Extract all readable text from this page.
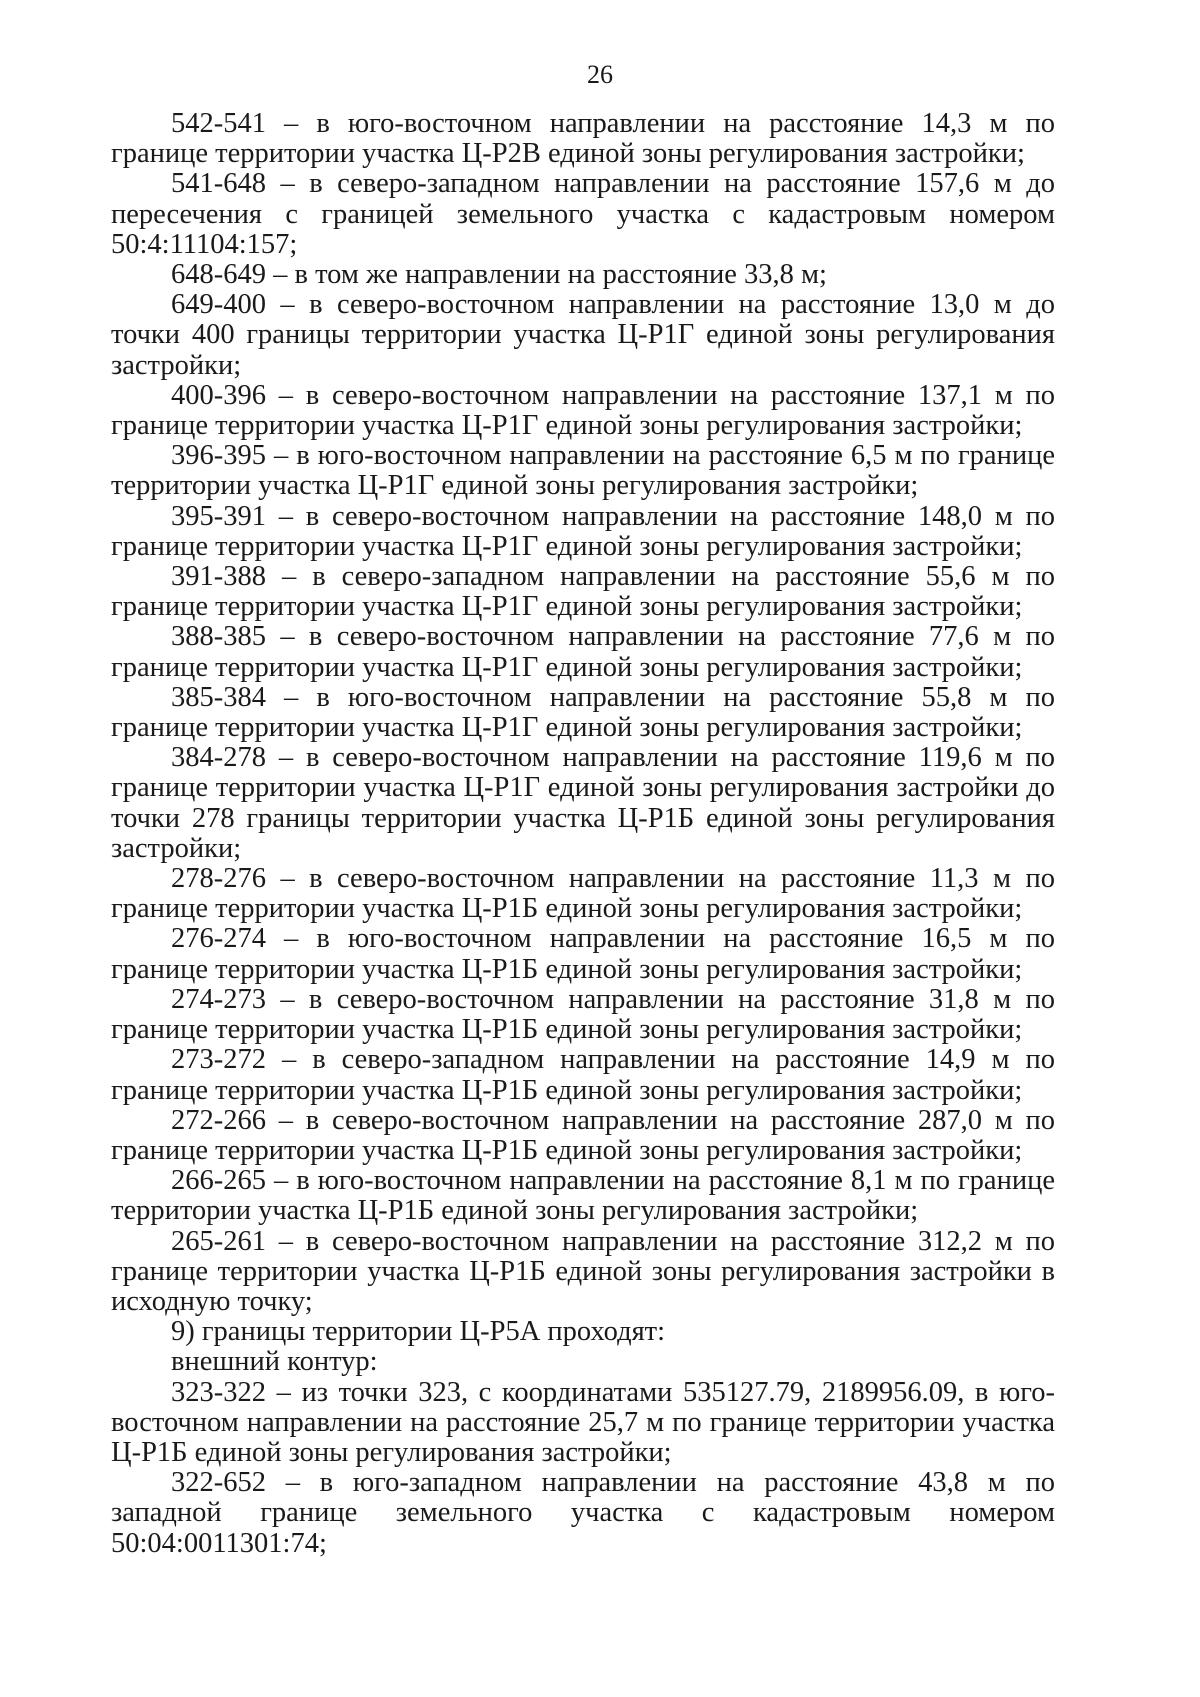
26

542-541 – в юго-восточном направлении на расстояние 14,3 м по границе территории участка Ц-Р2В единой зоны регулирования застройки;

541-648 – в северо-западном направлении на расстояние 157,6 м до пересечения с границей земельного участка с кадастровым номером 50:4:11104:157;

648-649 – в том же направлении на расстояние 33,8 м;

649-400 – в северо-восточном направлении на расстояние 13,0 м до точки 400 границы территории участка Ц-Р1Г единой зоны регулирования застройки;

400-396 – в северо-восточном направлении на расстояние 137,1 м по границе территории участка Ц-Р1Г единой зоны регулирования застройки;

396-395 – в юго-восточном направлении на расстояние 6,5 м по границе территории участка Ц-Р1Г единой зоны регулирования застройки;

395-391 – в северо-восточном направлении на расстояние 148,0 м по границе территории участка Ц-Р1Г единой зоны регулирования застройки;

391-388 – в северо-западном направлении на расстояние 55,6 м по границе территории участка Ц-Р1Г единой зоны регулирования застройки;

388-385 – в северо-восточном направлении на расстояние 77,6 м по границе территории участка Ц-Р1Г единой зоны регулирования застройки;

385-384 – в юго-восточном направлении на расстояние 55,8 м по границе территории участка Ц-Р1Г единой зоны регулирования застройки;

384-278 – в северо-восточном направлении на расстояние 119,6 м по границе территории участка Ц-Р1Г единой зоны регулирования застройки до точки 278 границы территории участка Ц-Р1Б единой зоны регулирования застройки;

278-276 – в северо-восточном направлении на расстояние 11,3 м по границе территории участка Ц-Р1Б единой зоны регулирования застройки;

276-274 – в юго-восточном направлении на расстояние 16,5 м по границе территории участка Ц-Р1Б единой зоны регулирования застройки;

274-273 – в северо-восточном направлении на расстояние 31,8 м по границе территории участка Ц-Р1Б единой зоны регулирования застройки;

273-272 – в северо-западном направлении на расстояние 14,9 м по границе территории участка Ц-Р1Б единой зоны регулирования застройки;

272-266 – в северо-восточном направлении на расстояние 287,0 м по границе территории участка Ц-Р1Б единой зоны регулирования застройки;

266-265 – в юго-восточном направлении на расстояние 8,1 м по границе территории участка Ц-Р1Б единой зоны регулирования застройки;

265-261 – в северо-восточном направлении на расстояние 312,2 м по границе территории участка Ц-Р1Б единой зоны регулирования застройки в исходную точку;

9) границы территории Ц-Р5А проходят:

внешний контур:

323-322 – из точки 323, с координатами 535127.79, 2189956.09, в юго-восточном направлении на расстояние 25,7 м по границе территории участка Ц-Р1Б единой зоны регулирования застройки;

322-652 – в юго-западном направлении на расстояние 43,8 м по западной границе земельного участка с кадастровым номером 50:04:0011301:74;
